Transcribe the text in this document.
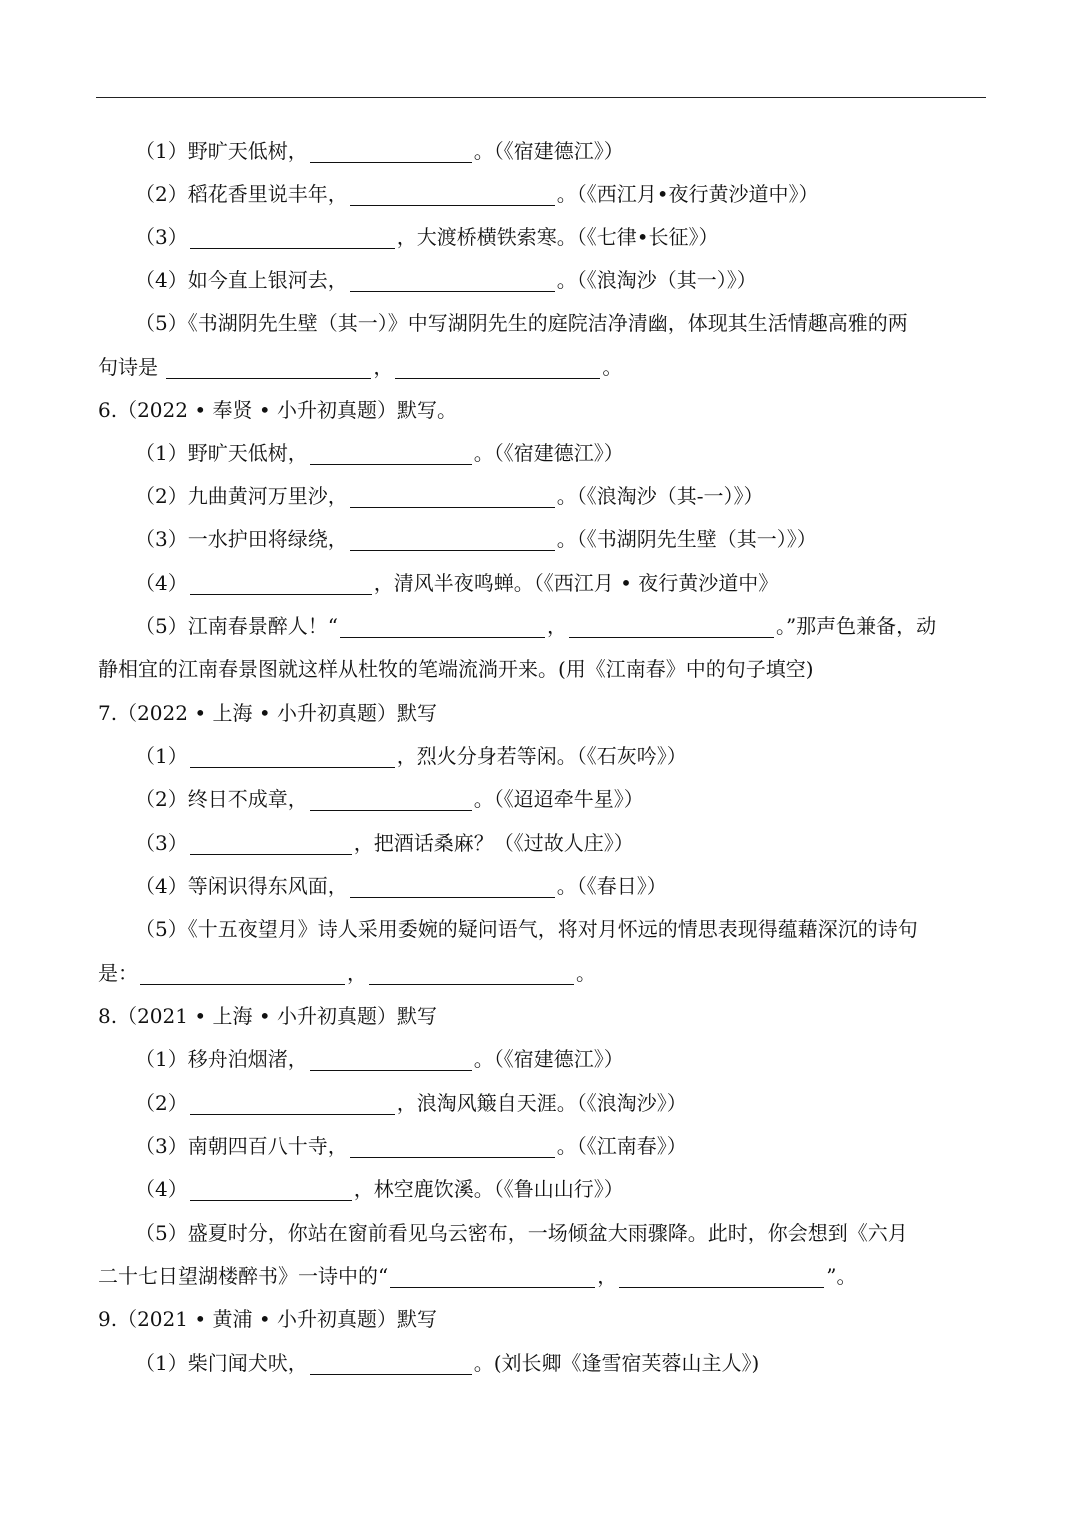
（1）野旷天低树，	。（《宿建德江》）
（2）稻花香里说丰年，	。（《西江月•夜行黄沙道中》）
（3）	，大渡桥横铁索寒。（《七律•长征》）
（4）如今直上银河去，	。（《浪淘沙（其一）》）
（5）《书湖阴先生壁（其一）》中写湖阴先生的庭院洁净清幽，体现其生活情趣高雅的两
句诗是	，	。
6.（2022 • 奉贤 • 小升初真题）默写。
（1）野旷天低树，	。（《宿建德江》）
（2）九曲黄河万里沙，	。（《浪淘沙（其-一）》）
（3）一水护田将绿绕，	。（《书湖阴先生壁（其一）》）
（4）	，清风半夜鸣蝉。（《西江月 • 夜行黄沙道中》
（5）江南春景醉人！“	，	。”那声色兼备，动
静相宜的江南春景图就这样从杜牧的笔端流淌开来。(用《江南春》中的句子填空)
7.（2022 • 上海 • 小升初真题）默写
（1）	，烈火分身若等闲。（《石灰吟》）
（2）终日不成章，	。（《迢迢牵牛星》）
（3）	，把酒话桑麻？（《过故人庄》）
（4）等闲识得东风面，	。（《春日》）
（5）《十五夜望月》诗人采用委婉的疑问语气，将对月怀远的情思表现得蕴藉深沉的诗句
是：	，	。
8.（2021 • 上海 • 小升初真题）默写
（1）移舟泊烟渚，	。（《宿建德江》）
（2）	，浪淘风簸自天涯。（《浪淘沙》）
（3）南朝四百八十寺，	。（《江南春》）
（4）	，林空鹿饮溪。（《鲁山山行》）
（5）盛夏时分，你站在窗前看见乌云密布，一场倾盆大雨骤降。此时，你会想到《六月
二十七日望湖楼醉书》一诗中的“	，	”。
9.（2021 • 黄浦 • 小升初真题）默写
（1）柴门闻犬吠，	。(刘长卿《逢雪宿芙蓉山主人》)
